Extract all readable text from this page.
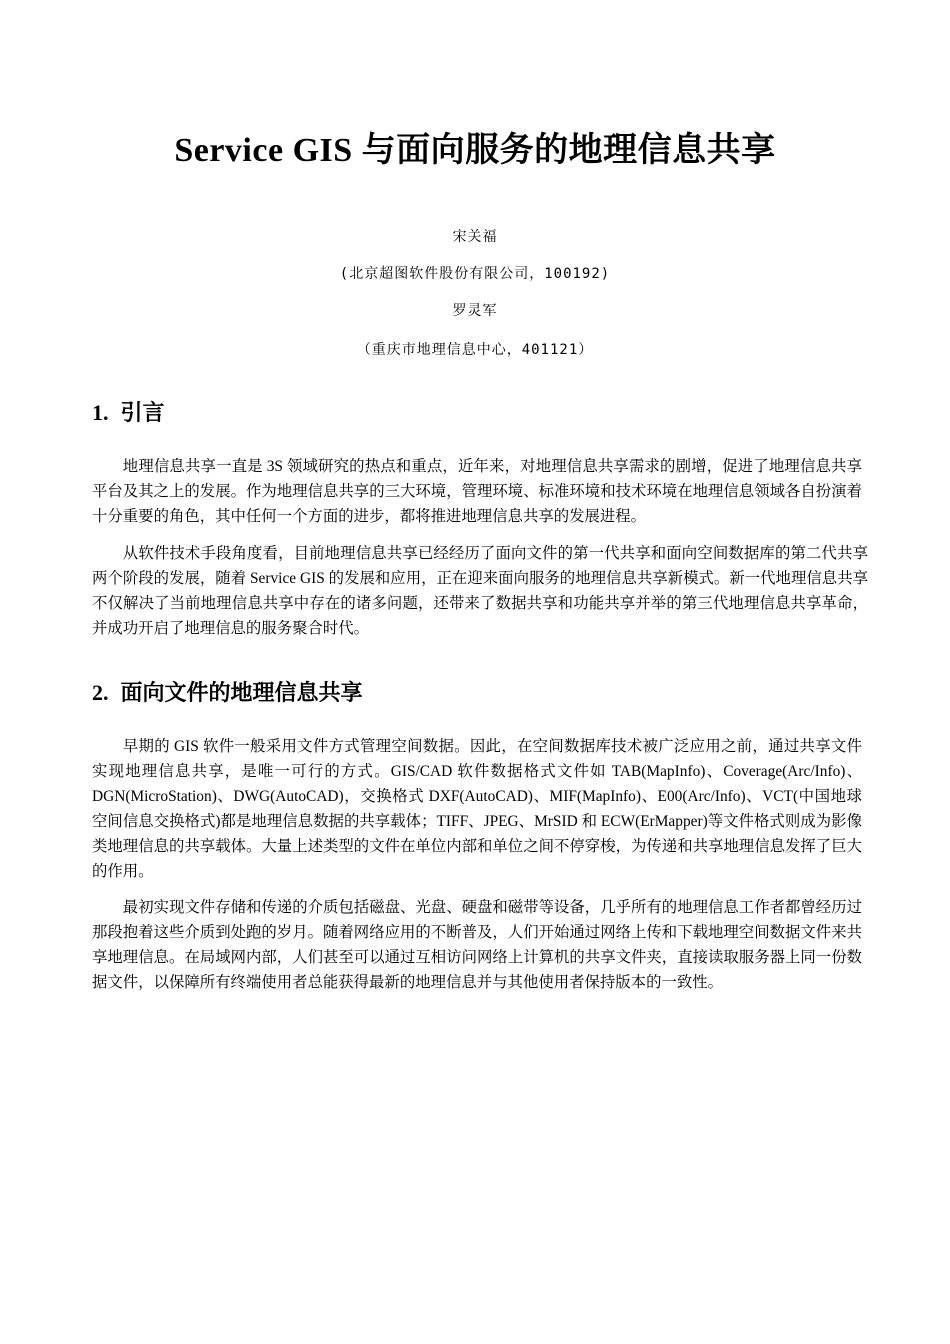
Service GIS 与面向服务的地理信息共享
宋关福
(北京超图软件股份有限公司，100192)
罗灵军
（重庆市地理信息中心，401121）
1. 引言

地理信息共享一直是 3S 领域研究的热点和重点，近年来，对地理信息共享需求的剧增，促进了地理信息共享平台及其之上的发展。作为地理信息共享的三大环境，管理环境、标准环境和技术环境在地理信息领域各自扮演着十分重要的角色，其中任何一个方面的进步，都将推进地理信息共享的发展进程。

从软件技术手段角度看，目前地理信息共享已经经历了面向文件的第一代共享和面向空间数据库的第二代共享两个阶段的发展，随着 Service GIS 的发展和应用，正在迎来面向服务的地理信息共享新模式。新一代地理信息共享不仅解决了当前地理信息共享中存在的诸多问题，还带来了数据共享和功能共享并举的第三代地理信息共享革命，并成功开启了地理信息的服务聚合时代。

2. 面向文件的地理信息共享

早期的 GIS 软件一般采用文件方式管理空间数据。因此，在空间数据库技术被广泛应用之前，通过共享文件实现地理信息共享，是唯一可行的方式。GIS/CAD 软件数据格式文件如 TAB(MapInfo)、Coverage(Arc/Info)、DGN(MicroStation)、DWG(AutoCAD)，交换格式 DXF(AutoCAD)、MIF(MapInfo)、E00(Arc/Info)、VCT(中国地球空间信息交换格式)都是地理信息数据的共享载体；TIFF、JPEG、MrSID 和 ECW(ErMapper)等文件格式则成为影像类地理信息的共享载体。大量上述类型的文件在单位内部和单位之间不停穿梭，为传递和共享地理信息发挥了巨大的作用。

最初实现文件存储和传递的介质包括磁盘、光盘、硬盘和磁带等设备，几乎所有的地理信息工作者都曾经历过那段抱着这些介质到处跑的岁月。随着网络应用的不断普及，人们开始通过网络上传和下载地理空间数据文件来共享地理信息。在局域网内部，人们甚至可以通过互相访问网络上计算机的共享文件夹，直接读取服务器上同一份数据文件，以保障所有终端使用者总能获得最新的地理信息并与其他使用者保持版本的一致性。
